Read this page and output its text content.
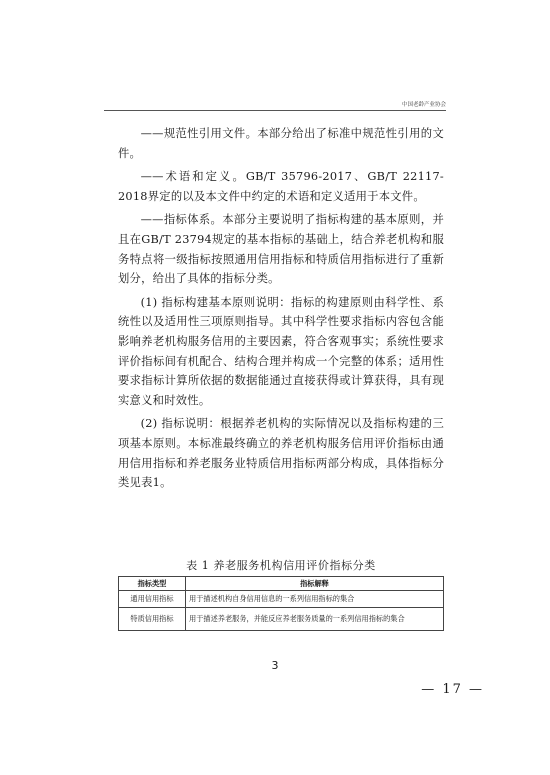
中国老龄产业协会

——规范性引用文件。本部分给出了标准中规范性引用的文件。

——术语和定义。GB/T 35796-2017、GB/T 22117-2018界定的以及本文件中约定的术语和定义适用于本文件。

——指标体系。本部分主要说明了指标构建的基本原则，并且在GB/T 23794规定的基本指标的基础上，结合养老机构和服务特点将一级指标按照通用信用指标和特质信用指标进行了重新划分，给出了具体的指标分类。

(1) 指标构建基本原则说明：指标的构建原则由科学性、系统性以及适用性三项原则指导。其中科学性要求指标内容包含能影响养老机构服务信用的主要因素，符合客观事实；系统性要求评价指标间有机配合、结构合理并构成一个完整的体系；适用性要求指标计算所依据的数据能通过直接获得或计算获得，具有现实意义和时效性。

(2) 指标说明：根据养老机构的实际情况以及指标构建的三项基本原则。本标准最终确立的养老机构服务信用评价指标由通用信用指标和养老服务业特质信用指标两部分构成，具体指标分类见表1。

表 1 养老服务机构信用评价指标分类
指标类型	指标解释
通用信用指标	用于描述机构自身信用信息的一系列信用指标的集合
特质信用指标	用于描述养老服务，并能反应养老服务质量的一系列信用指标的集合
3
— 17 —
